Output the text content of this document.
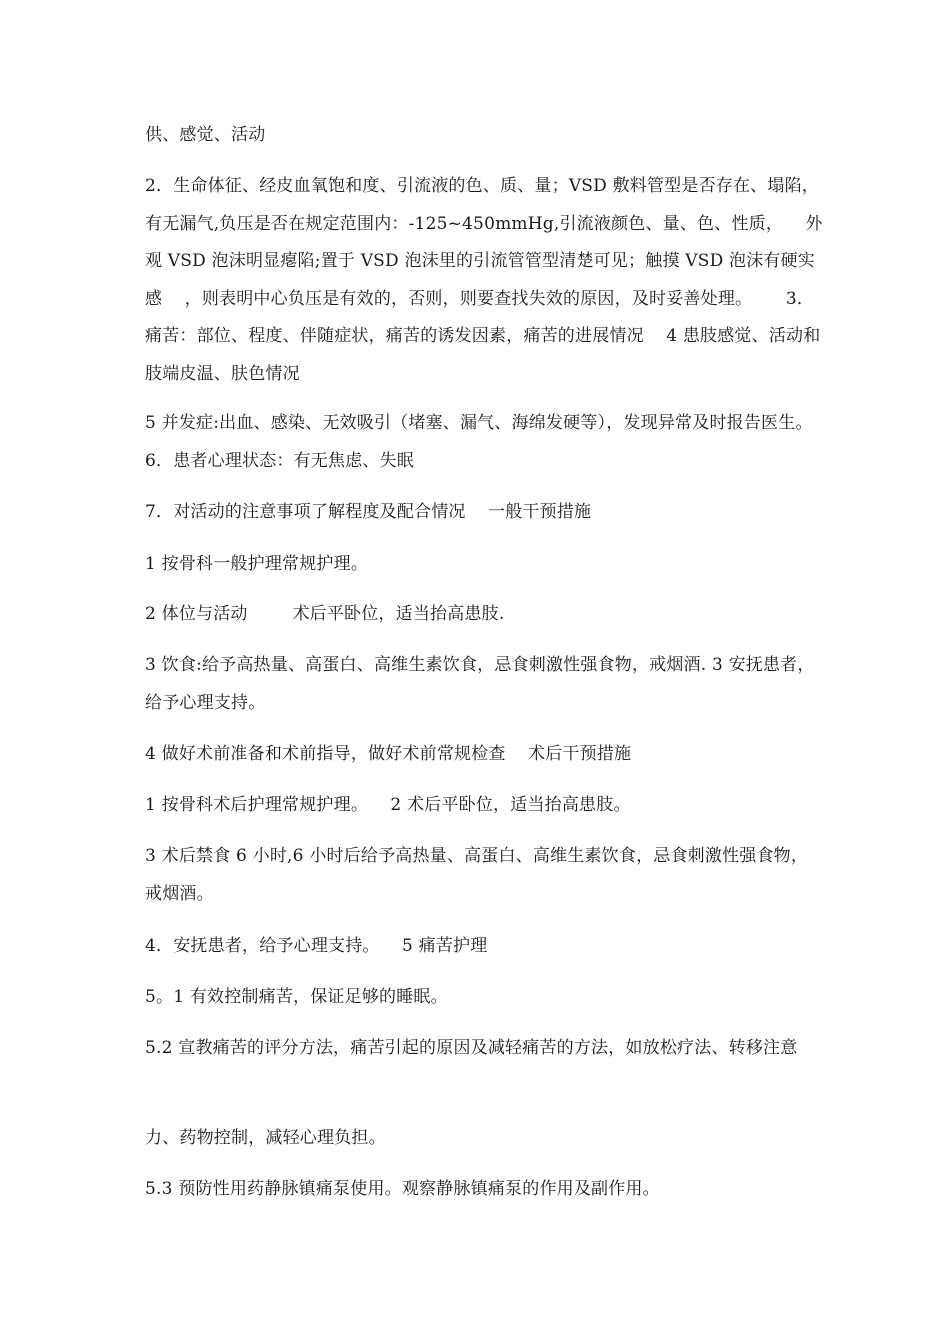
供、感觉、活动
2．生命体征、经皮血氧饱和度、引流液的色、质、量；VSD 敷料管型是否存在、塌陷，有无漏气,负压是否在规定范围内：-125~450mmHg,引流液颜色、量、色、性质，    外观 VSD 泡沫明显瘪陷;置于 VSD 泡沫里的引流管管型清楚可见；触摸 VSD 泡沫有硬实感    ，则表明中心负压是有效的，否则，则要查找失效的原因，及时妥善处理。      3．痛苦：部位、程度、伴随症状，痛苦的诱发因素，痛苦的进展情况    4 患肢感觉、活动和肢端皮温、肤色情况
5 并发症:出血、感染、无效吸引（堵塞、漏气、海绵发硬等），发现异常及时报告医生。    6．患者心理状态：有无焦虑、失眠
7．对活动的注意事项了解程度及配合情况    一般干预措施
1 按骨科一般护理常规护理。
2 体位与活动        术后平卧位，适当抬高患肢.
3 饮食:给予高热量、高蛋白、高维生素饮食，忌食刺激性强食物，戒烟酒. 3 安抚患者，给予心理支持。
4 做好术前准备和术前指导，做好术前常规检查    术后干预措施
1 按骨科术后护理常规护理。    2 术后平卧位，适当抬高患肢。
3 术后禁食 6 小时,6 小时后给予高热量、高蛋白、高维生素饮食，忌食刺激性强食物，戒烟酒。
4．安抚患者，给予心理支持。    5 痛苦护理
5。1 有效控制痛苦，保证足够的睡眠。
5.2 宣教痛苦的评分方法，痛苦引起的原因及减轻痛苦的方法，如放松疗法、转移注意
力、药物控制，减轻心理负担。
5.3 预防性用药静脉镇痛泵使用。观察静脉镇痛泵的作用及副作用。
